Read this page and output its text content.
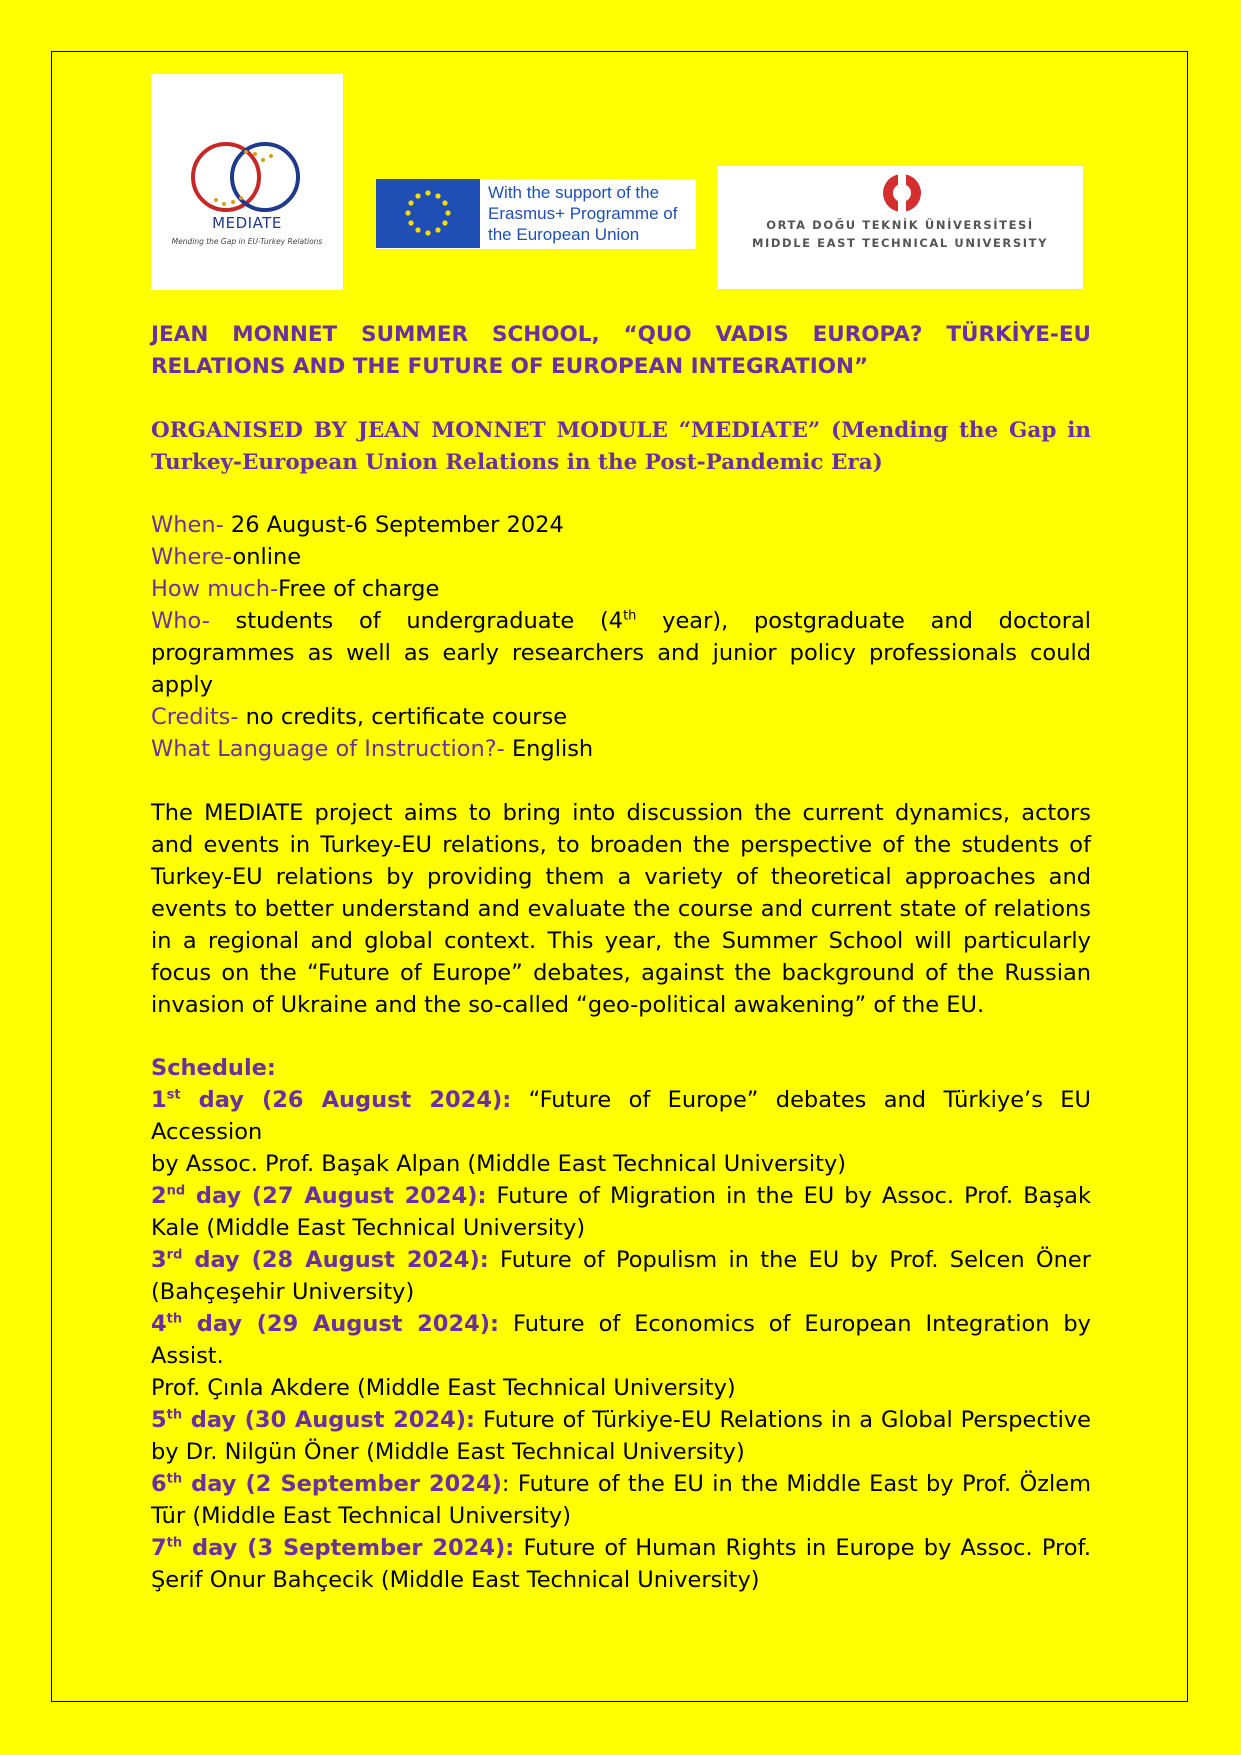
MEDIATE
Mending the Gap in EU-Turkey Relations
With the support of the Erasmus+ Programme of the European Union	ORTA DOĞU TEKNİK ÜNİVERSİTESİ
MIDDLE EAST TECHNICAL UNIVERSITY

JEAN MONNET SUMMER SCHOOL, “QUO VADIS EUROPA? TÜRKİYE-EU
RELATIONS AND THE FUTURE OF EUROPEAN INTEGRATION”

ORGANISED BY JEAN MONNET MODULE “MEDIATE” (Mending the Gap in
Turkey-European Union Relations in the Post-Pandemic Era)

When- 26 August-6 September 2024
Where-online
How much-Free of charge
Who- students of undergraduate (4th year), postgraduate and doctoral
programmes as well as early researchers and junior policy professionals could apply
Credits- no credits, certificate course
What Language of Instruction?- English

The MEDIATE project aims to bring into discussion the current dynamics, actors and events in Turkey-EU relations, to broaden the perspective of the students of Turkey-EU relations by providing them a variety of theoretical approaches and events to better understand and evaluate the course and current state of relations in a regional and global context. This year, the Summer School will particularly focus on the “Future of Europe” debates, against the background of the Russian invasion of Ukraine and the so-called “geo-political awakening” of the EU.

Schedule:
1st day (26 August 2024): “Future of Europe” debates and Türkiye’s EU Accession
by Assoc. Prof. Başak Alpan (Middle East Technical University)
2nd day (27 August 2024): Future of Migration in the EU by Assoc. Prof. Başak
Kale (Middle East Technical University)
3rd day (28 August 2024): Future of Populism in the EU by Prof. Selcen Öner
(Bahçeşehir University)
4th day (29 August 2024): Future of Economics of European Integration by Assist.
Prof. Çınla Akdere (Middle East Technical University)
5th day (30 August 2024): Future of Türkiye-EU Relations in a Global Perspective
by Dr. Nilgün Öner (Middle East Technical University)
6th day (2 September 2024): Future of the EU in the Middle East by Prof. Özlem
Tür (Middle East Technical University)
7th day (3 September 2024): Future of Human Rights in Europe by Assoc. Prof.
Şerif Onur Bahçecik (Middle East Technical University)
